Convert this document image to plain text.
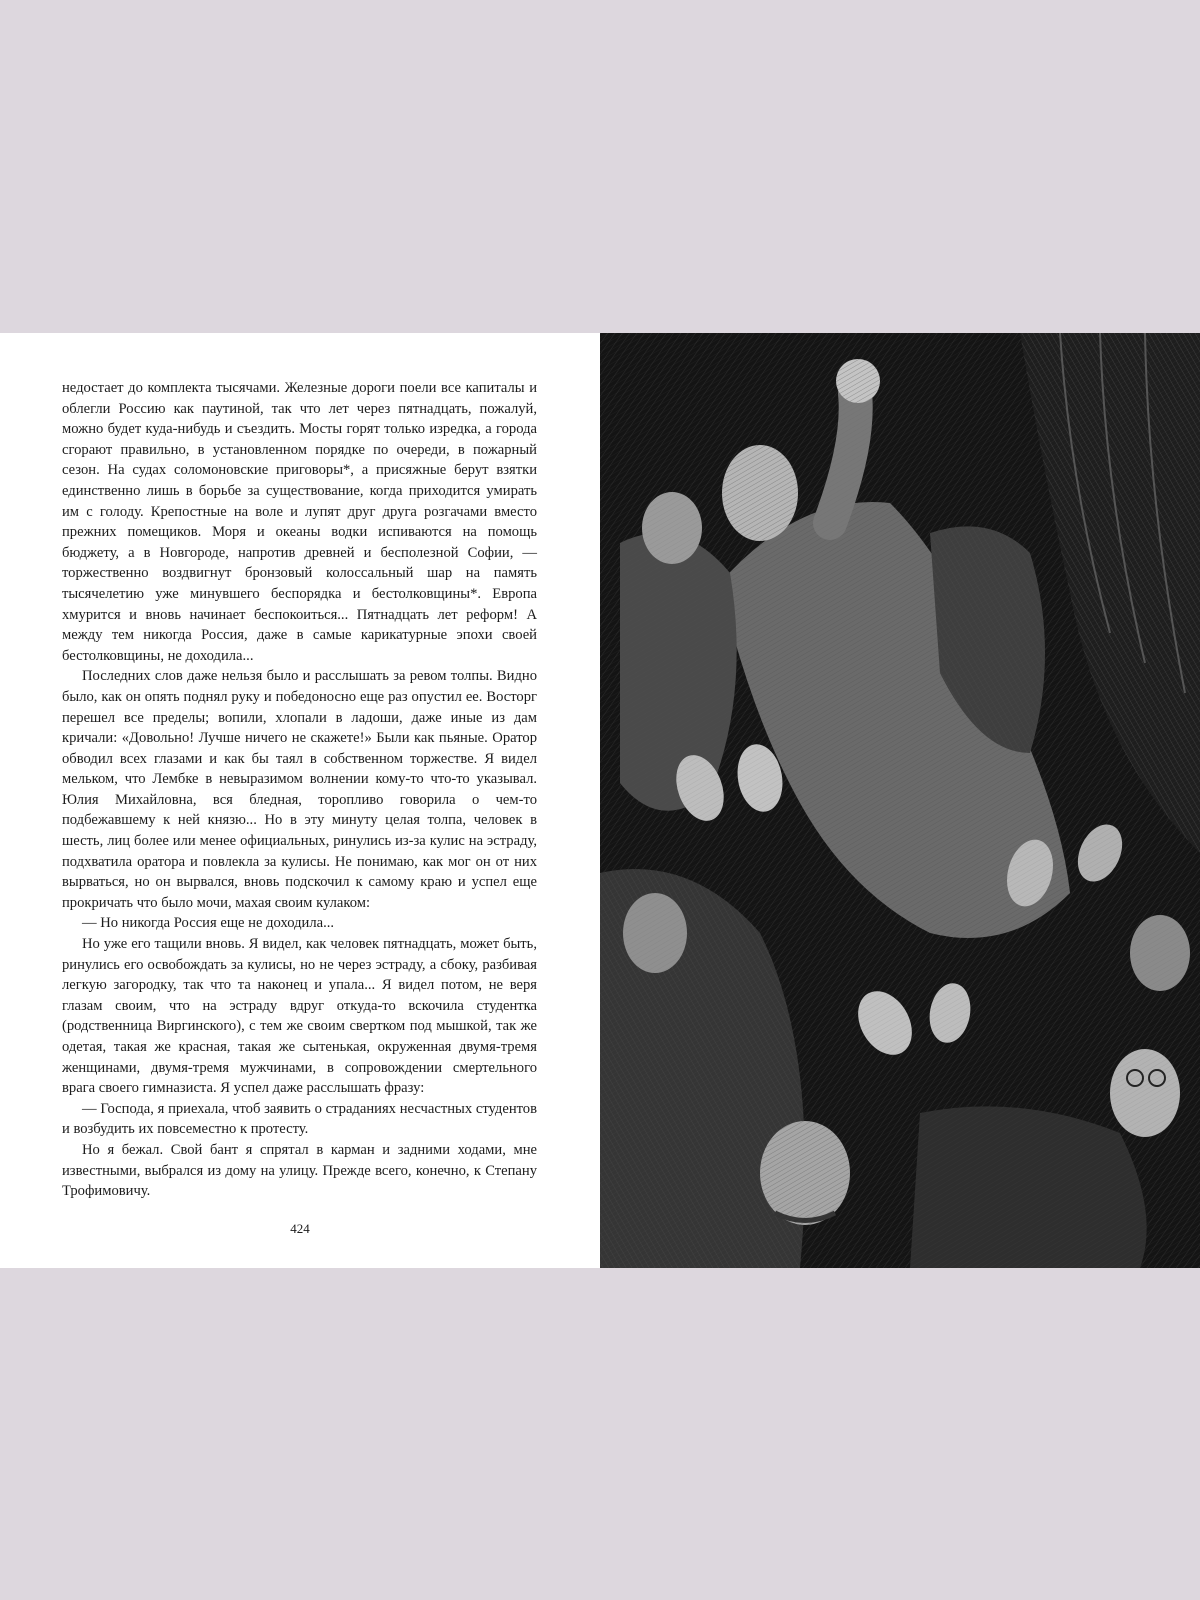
недостает до комплекта тысячами. Железные дороги поели все капиталы и облегли Россию как паутиной, так что лет через пятнадцать, пожалуй, можно будет куда-нибудь и съездить. Мосты горят только изредка, а города сгорают правильно, в установленном порядке по очереди, в пожарный сезон. На судах соломоновские приговоры*, а присяжные берут взятки единственно лишь в борьбе за существование, когда приходится умирать им с голоду. Крепостные на воле и лупят друг друга розгачами вместо прежних помещиков. Моря и океаны водки испиваются на помощь бюджету, а в Новгороде, напротив древней и бесполезной Софии, — торжественно воздвигнут бронзовый колоссальный шар на память тысячелетию уже минувшего беспорядка и бестолковщины*. Европа хмурится и вновь начинает беспокоиться... Пятнадцать лет реформ! А между тем никогда Россия, даже в самые карикатурные эпохи своей бестолковщины, не доходила...

Последних слов даже нельзя было и расслышать за ревом толпы. Видно было, как он опять поднял руку и победоносно еще раз опустил ее. Восторг перешел все пределы; вопили, хлопали в ладоши, даже иные из дам кричали: «Довольно! Лучше ничего не скажете!» Были как пьяные. Оратор обводил всех глазами и как бы таял в собственном торжестве. Я видел мельком, что Лембке в невыразимом волнении кому-то что-то указывал. Юлия Михайловна, вся бледная, торопливо говорила о чем-то подбежавшему к ней князю... Но в эту минуту целая толпа, человек в шесть, лиц более или менее официальных, ринулись из-за кулис на эстраду, подхватила оратора и повлекла за кулисы. Не понимаю, как мог он от них вырваться, но он вырвался, вновь подскочил к самому краю и успел еще прокричать что было мочи, махая своим кулаком:

— Но никогда Россия еще не доходила...

Но уже его тащили вновь. Я видел, как человек пятнадцать, может быть, ринулись его освобождать за кулисы, но не через эстраду, а сбоку, разбивая легкую загородку, так что та наконец и упала... Я видел потом, не веря глазам своим, что на эстраду вдруг откуда-то вскочила студентка (родственница Виргинского), с тем же своим свертком под мышкой, так же одетая, такая же красная, такая же сытенькая, окруженная двумя-тремя женщинами, двумя-тремя мужчинами, в сопровождении смертельного врага своего гимназиста. Я успел даже расслышать фразу:

— Господа, я приехала, чтоб заявить о страданиях несчастных студентов и возбудить их повсеместно к протесту.

Но я бежал. Свой бант я спрятал в карман и задними ходами, мне известными, выбрался из дому на улицу. Прежде всего, конечно, к Степану Трофимовичу.

424
